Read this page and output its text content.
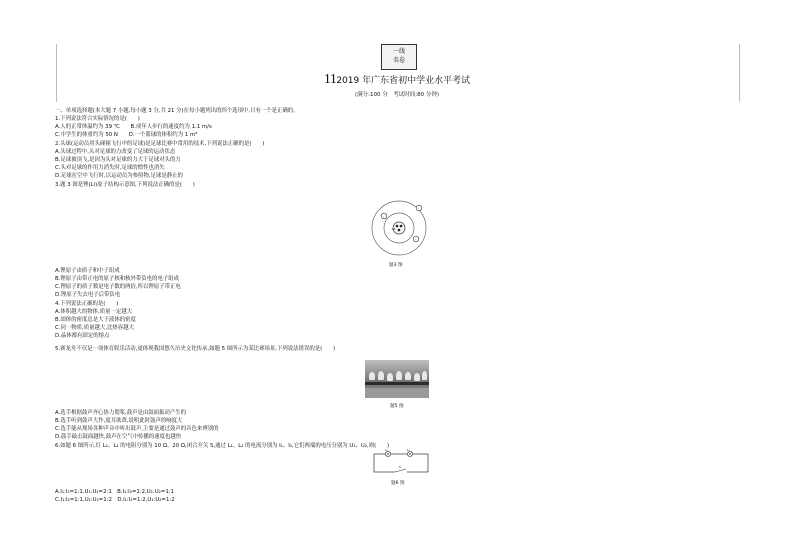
一线
名卷
112019 年广东省初中学业水平考试
(满分:100 分　考试时间:80 分钟)
一、单项选择题(本大题 7 小题,每小题 3 分,共 21 分)在每小题列出的四个选项中,只有一个是正确的。
1.下列说法符合实际情况的是(　　)
A.人的正常体温约为 39 ℃　　B.成年人步行的速度约为 1.1 m/s
C.中学生的体重约为 50 N　　D.一个篮球的体积约为 1 m³
2.头球(运动员用头碰撞飞行中的足球)是足球比赛中常用的技术,下列说法正确的是(　　)
A.头球过程中,头对足球的力改变了足球的运动状态
B.足球被顶飞,是因为头对足球的力大于足球对头的力
C.头对足球的作用力消失时,足球的惯性也消失
D.足球在空中飞行时,以运动员为参照物,足球是静止的
3.题 3 图是锂(Li)原子结构示意图,下列说法正确的是(　　)
+3
-
-
-
题3 图
A.锂原子由质子和中子组成
B.锂原子由带正电的原子核和核外带负电的电子组成
C.锂原子的质子数是电子数的两倍,所以锂原子带正电
D.锂原子失去电子后带负电
4.下列说法正确的是(　　)
A.体积越大的物体,质量一定越大
B.固体的密度总是大于液体的密度
C.同一物质,质量越大,比热容越大
D.晶体都有固定的熔点
5.赛龙舟不仅是一项体育娱乐活动,更体现我国悠久历史文化传承,如题 5 图所示为某比赛场景,下列说法错误的是(　　)
题5 图
A.选手根据鼓声齐心协力划桨,鼓声是由鼓面振动产生的
B.选手听到鼓声大作,震耳欲聋,说明此时鼓声的响度大
C.选手能从现场各种声音中听出鼓声,主要是通过鼓声的音色来辨别的
D.鼓手敲击鼓面越快,鼓声在空气中传播的速度也越快
6.如题 6 图所示,灯 L₁、L₂ 的电阻分别为 10 Ω、20 Ω,闭合开关 S,通过 L₁、L₂ 的电流分别为 I₁、I₂,它们两端的电压分别为 U₁、U₂,则(　　)
L₁	L₂
S
题6 图
A.I₁:I₂=1:1,U₁:U₂=2:1　B.I₁:I₂=1:2,U₁:U₂=1:1
C.I₁:I₂=1:1,U₁:U₂=1:2　D.I₁:I₂=1:2,U₁:U₂=1:2
